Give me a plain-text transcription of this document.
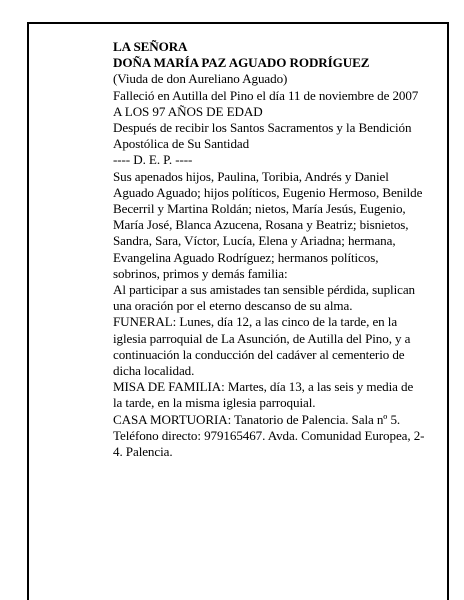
LA SEÑORA

DOÑA MARÍA PAZ AGUADO RODRÍGUEZ

(Viuda de don Aureliano Aguado)

Falleció en Autilla del Pino el día 11 de noviembre de 2007

A LOS 97 AÑOS DE EDAD

Después de recibir los Santos Sacramentos y la Bendición Apostólica de Su Santidad

---- D. E. P. ----

Sus apenados hijos, Paulina, Toribia, Andrés y Daniel Aguado Aguado; hijos políticos, Eugenio Hermoso, Benilde Becerril y Martina Roldán; nietos, María Jesús, Eugenio, María José, Blanca Azucena, Rosana y Beatriz; bisnietos, Sandra, Sara, Víctor, Lucía, Elena y Ariadna; hermana, Evangelina Aguado Rodríguez; hermanos políticos, sobrinos, primos y demás familia:

Al participar a sus amistades tan sensible pérdida, suplican una oración por el eterno descanso de su alma.

FUNERAL: Lunes, día 12, a las cinco de la tarde, en la iglesia parroquial de La Asunción, de Autilla del Pino, y a continuación la conducción del cadáver al cementerio de dicha localidad.

MISA DE FAMILIA: Martes, día 13, a las seis y media de la tarde, en la misma iglesia parroquial.

CASA MORTUORIA: Tanatorio de Palencia. Sala nº 5. Teléfono directo: 979165467. Avda. Comunidad Europea, 2-4. Palencia.
